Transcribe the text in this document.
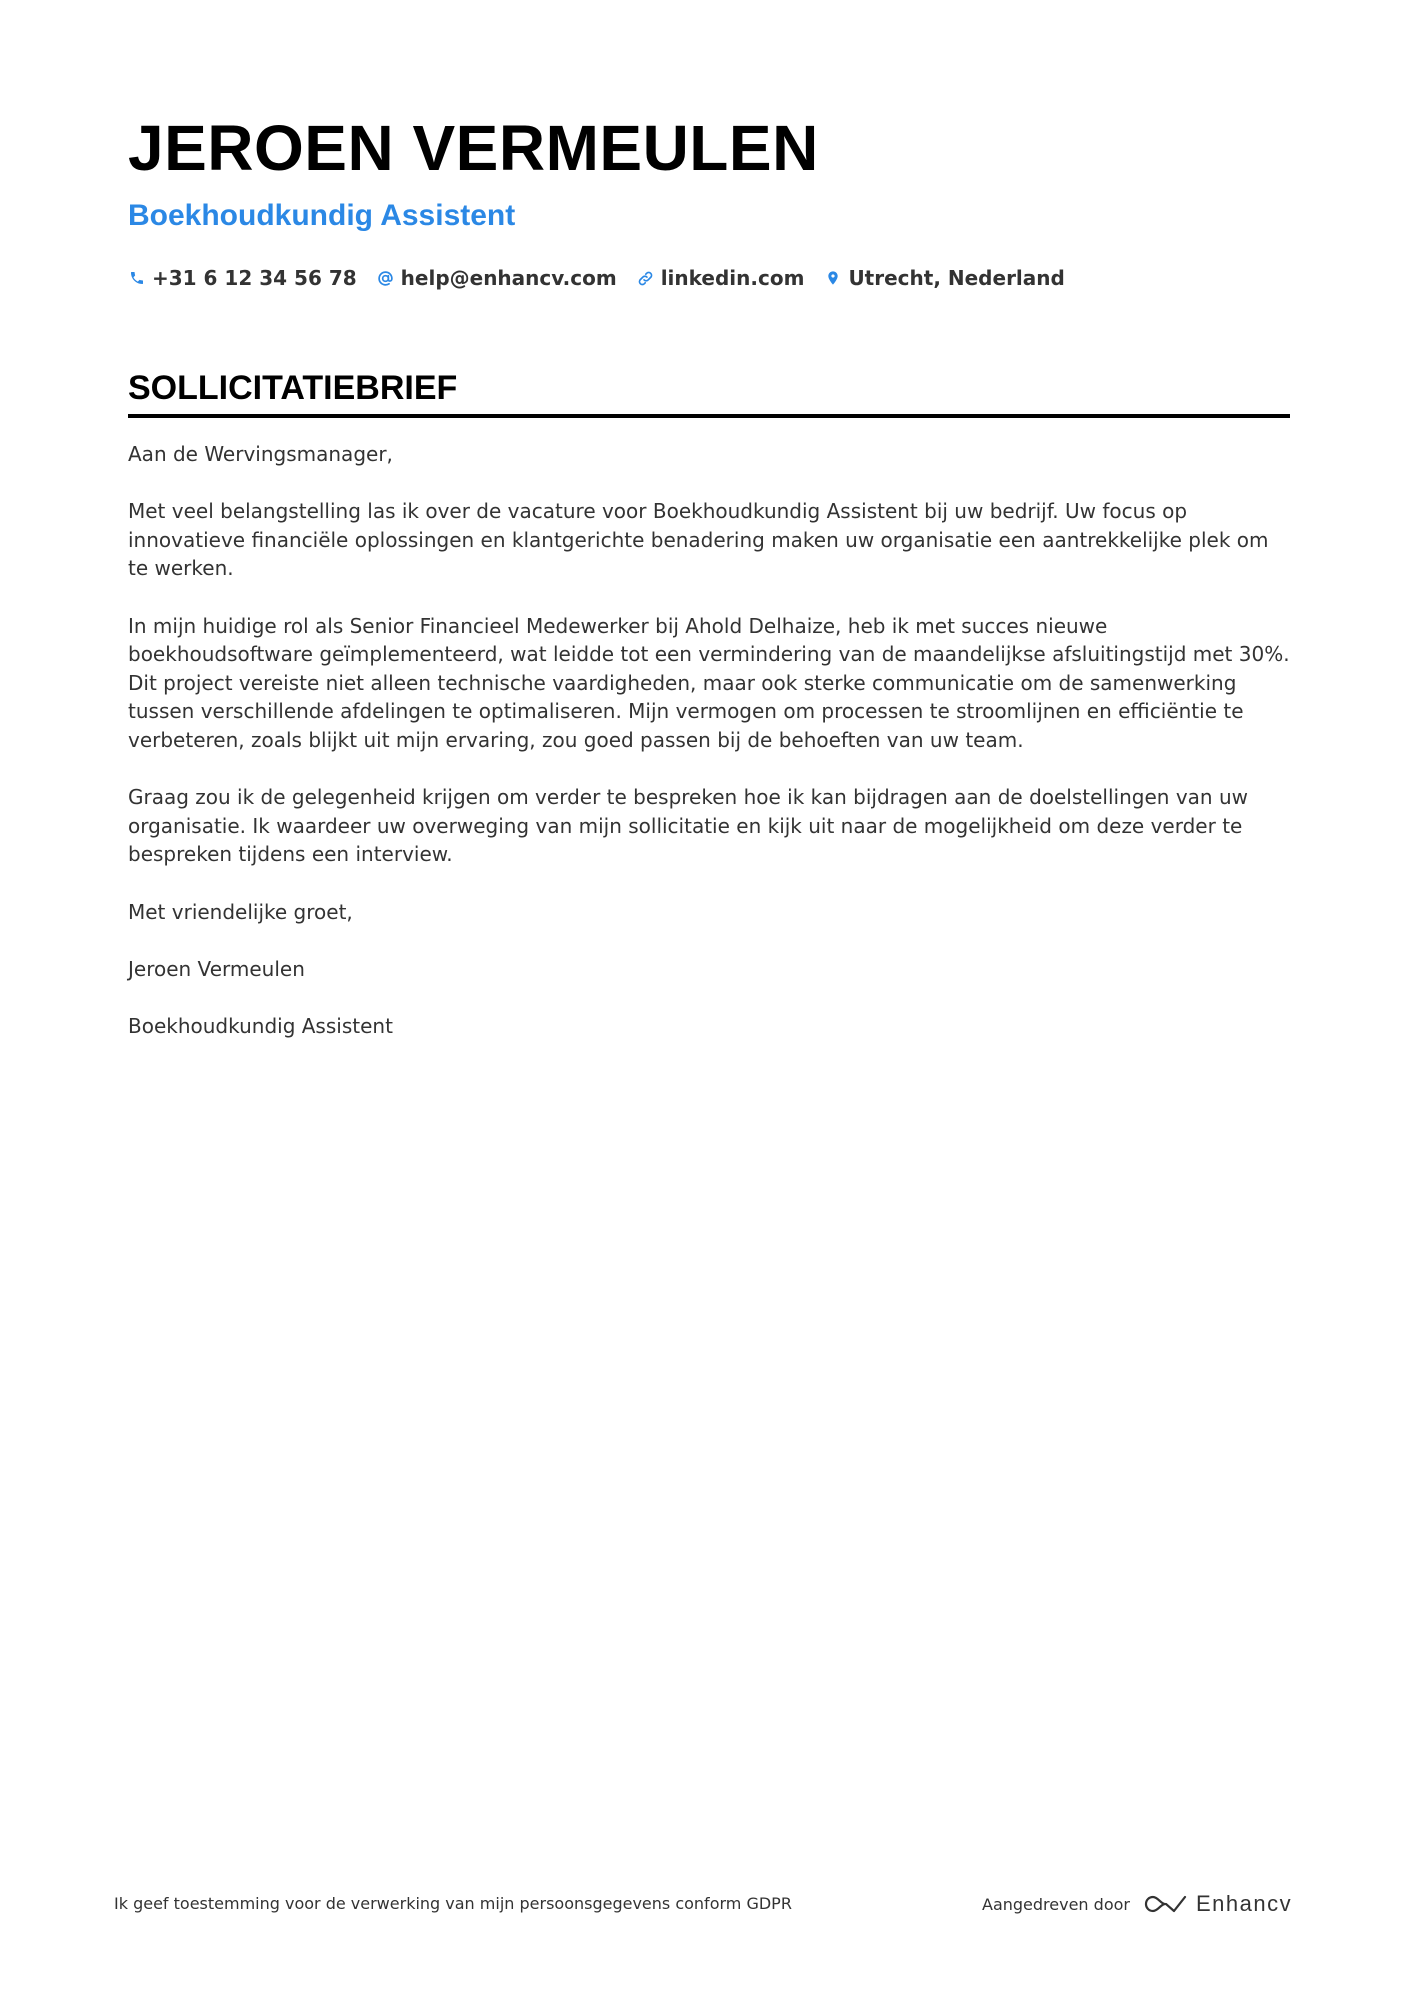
JEROEN VERMEULEN
Boekhoudkundig Assistent
+31 6 12 34 56 78 help@enhancv.com linkedin.com Utrecht, Nederland
SOLLICITATIEBRIEF

Aan de Wervingsmanager,

Met veel belangstelling las ik over de vacature voor Boekhoudkundig Assistent bij uw bedrijf. Uw focus op innovatieve financiële oplossingen en klantgerichte benadering maken uw organisatie een aantrekkelijke plek om te werken.

In mijn huidige rol als Senior Financieel Medewerker bij Ahold Delhaize, heb ik met succes nieuwe boekhoudsoftware geïmplementeerd, wat leidde tot een vermindering van de maandelijkse afsluitingstijd met 30%. Dit project vereiste niet alleen technische vaardigheden, maar ook sterke communicatie om de samenwerking tussen verschillende afdelingen te optimaliseren. Mijn vermogen om processen te stroomlijnen en efficiëntie te verbeteren, zoals blijkt uit mijn ervaring, zou goed passen bij de behoeften van uw team.

Graag zou ik de gelegenheid krijgen om verder te bespreken hoe ik kan bijdragen aan de doelstellingen van uw organisatie. Ik waardeer uw overweging van mijn sollicitatie en kijk uit naar de mogelijkheid om deze verder te bespreken tijdens een interview.

Met vriendelijke groet,

Jeroen Vermeulen

Boekhoudkundig Assistent

Ik geef toestemming voor de verwerking van mijn persoonsgegevens conform GDPR	Aangedreven door	Enhancv
